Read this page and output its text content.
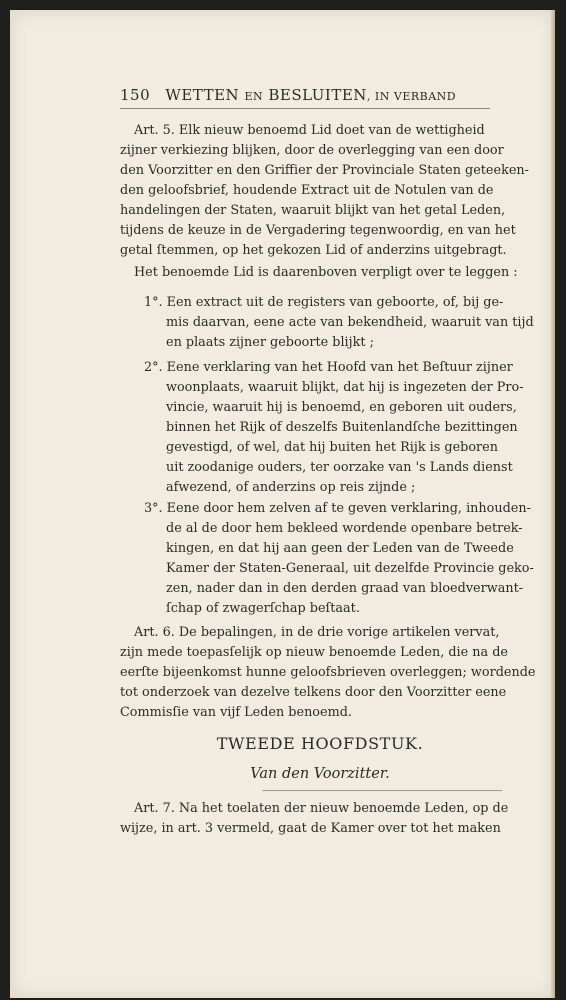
150 WETTEN EN BESLUITEN, IN VERBAND
Art. 5. Elk nieuw benoemd Lid doet van de wettigheid
zijner verkiezing blijken, door de overlegging van een door
den Voorzitter en den Griffier der Provinciale Staten geteeken-
den geloofsbrief, houdende Extract uit de Notulen van de
handelingen der Staten, waaruit blijkt van het getal Leden,
tijdens de keuze in de Vergadering tegenwoordig, en van het
getal ſtemmen, op het gekozen Lid of anderzins uitgebragt.
Het benoemde Lid is daarenboven verpligt over te leggen :
1°. Een extract uit de registers van geboorte, of, bij ge-
mis daarvan, eene acte van bekendheid, waaruit van tijd
en plaats zijner geboorte blijkt ;
2°. Eene verklaring van het Hoofd van het Beſtuur zijner
woonplaats, waaruit blijkt, dat hij is ingezeten der Pro-
vincie, waaruit hij is benoemd, en geboren uit ouders,
binnen het Rijk of deszelfs Buitenlandſche bezittingen
gevestigd, of wel, dat hij buiten het Rijk is geboren
uit zoodanige ouders, ter oorzake van 's Lands dienst
afwezend, of anderzins op reis zijnde ;
3°. Eene door hem zelven af te geven verklaring, inhouden-
de al de door hem bekleed wordende openbare betrek-
kingen, en dat hij aan geen der Leden van de Tweede
Kamer der Staten-Generaal, uit dezelfde Provincie geko-
zen, nader dan in den derden graad van bloedverwant-
ſchap of zwagerſchap beſtaat.
Art. 6. De bepalingen, in de drie vorige artikelen vervat,
zijn mede toepasſelijk op nieuw benoemde Leden, die na de
eerſte bijeenkomst hunne geloofsbrieven overleggen; wordende
tot onderzoek van dezelve telkens door den Voorzitter eene
Commisſie van vijf Leden benoemd.
TWEEDE HOOFDSTUK.
Van den Voorzitter.
Art. 7. Na het toelaten der nieuw benoemde Leden, op de
wijze, in art. 3 vermeld, gaat de Kamer over tot het maken
